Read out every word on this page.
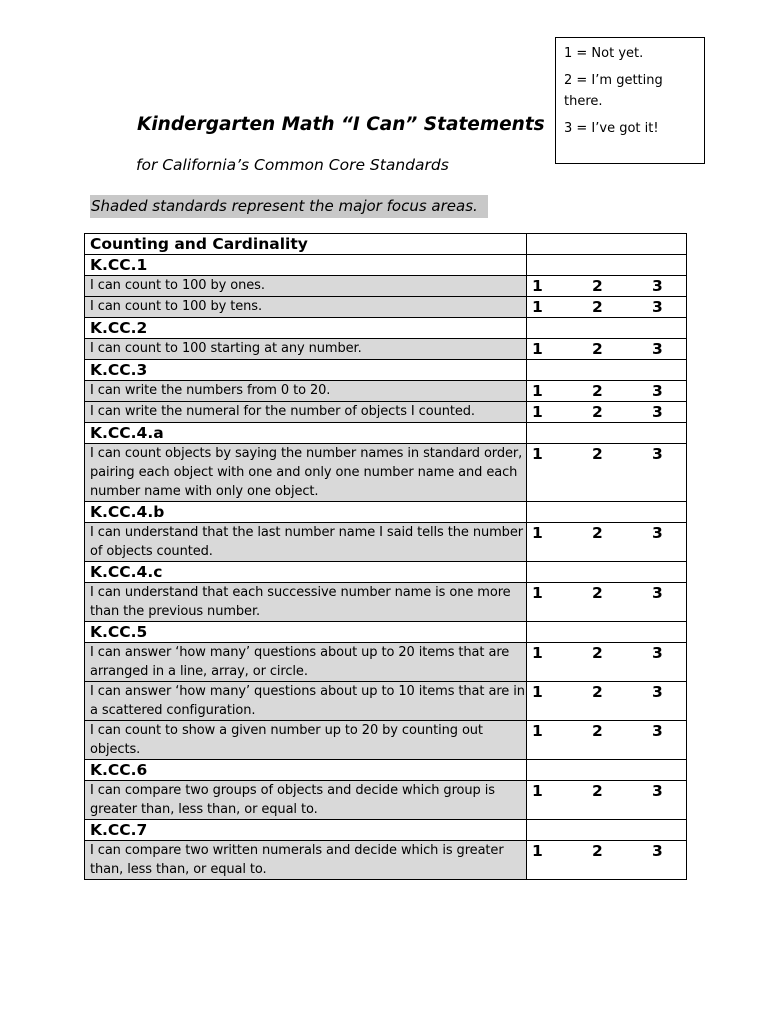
1 = Not yet.
2 = I’m getting there.
3 = I’ve got it!
Kindergarten Math “I Can” Statements
for California’s Common Core Standards
Shaded standards represent the major focus areas.
Counting and Cardinality	
K.CC.1	
I can count to 100 by ones.	1 2 3
I can count to 100 by tens.	1 2 3
K.CC.2	
I can count to 100 starting at any number.	1 2 3
K.CC.3	
I can write the numbers from 0 to 20.	1 2 3
I can write the numeral for the number of objects I counted.	1 2 3
K.CC.4.a	
I can count objects by saying the number names in standard order, pairing each object with one and only one number name and each number name with only one object.	1 2 3
K.CC.4.b	
I can understand that the last number name I said tells the number of objects counted.	1 2 3
K.CC.4.c	
I can understand that each successive number name is one more than the previous number.	1 2 3
K.CC.5	
I can answer ‘how many’ questions about up to 20 items that are arranged in a line, array, or circle.	1 2 3
I can answer ‘how many’ questions about up to 10 items that are in a scattered configuration.	1 2 3
I can count to show a given number up to 20 by counting out objects.	1 2 3
K.CC.6	
I can compare two groups of objects and decide which group is greater than, less than, or equal to.	1 2 3
K.CC.7	
I can compare two written numerals and decide which is greater than, less than, or equal to.	1 2 3
